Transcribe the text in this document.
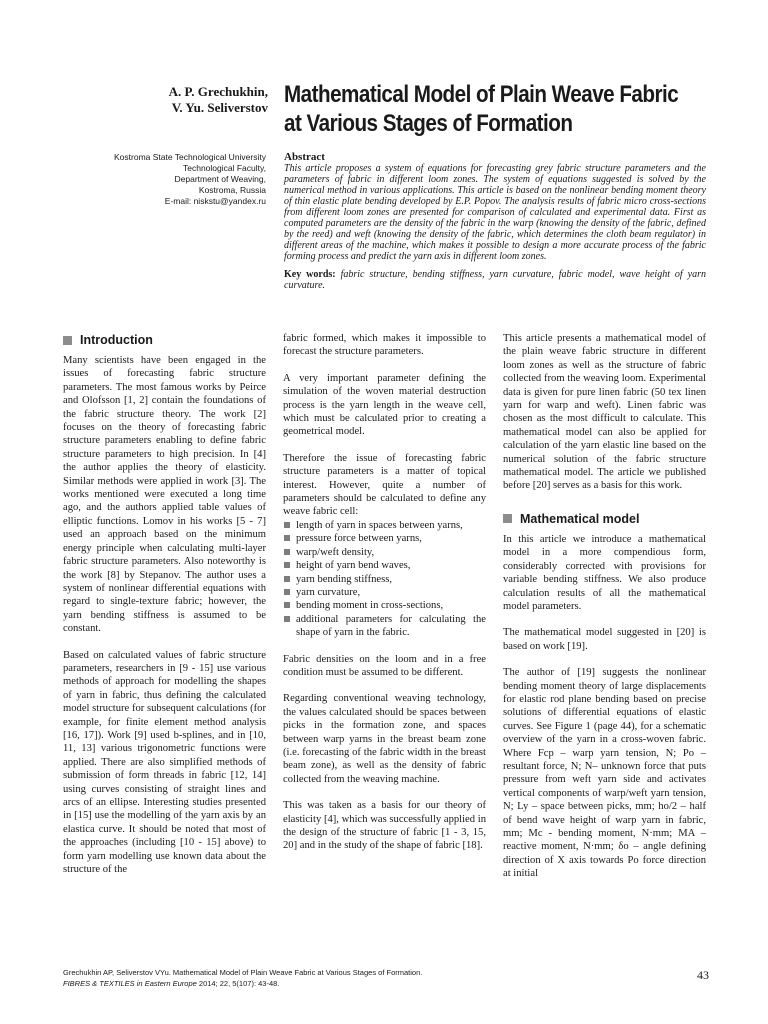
A. P. Grechukhin,
V. Yu. Seliverstov Mathematical Model of Plain Weave Fabric
at Various Stages of Formation
Kostroma State Technological University
Technological Faculty,
Department of Weaving,
Kostroma, Russia
E-mail: niskstu@yandex.ru
Abstract

This article proposes a system of equations for forecasting grey fabric structure parameters and the parameters of fabric in different loom zones. The system of equations suggested is solved by the numerical method in various applications. This article is based on the nonlinear bending moment theory of thin elastic plate bending developed by E.P. Popov. The analysis results of fabric micro cross-sections from different loom zones are presented for comparison of calculated and experimental data. First as computed parameters are the density of the fabric in the warp (knowing the density of the fabric, defined by the reed) and weft (knowing the density of the fabric, which determines the cloth beam regulator) in different areas of the machine, which makes it possible to design a more accurate process of the fabric forming process and predict the yarn axis in different loom zones.

Key words: fabric structure, bending stiffness, yarn curvature, fabric model, wave height of yarn curvature.
Introduction

Many scientists have been engaged in the issues of forecasting fabric structure parameters. The most famous works by Peirce and Olofsson [1, 2] contain the foundations of the fabric structure theory. The work [2] focuses on the theory of forecasting fabric structure parameters enabling to define fabric structure parameters to high precision. In [4] the author applies the theory of elasticity. Similar methods were applied in work [3]. The works mentioned were executed a long time ago, and the authors applied table values of elliptic functions. Lomov in his works [5 - 7] used an approach based on the minimum energy principle when calculating multi-layer fabric structure parameters. Also noteworthy is the work [8] by Stepanov. The author uses a system of nonlinear differential equations with regard to single-texture fabric; however, the yarn bending stiffness is assumed to be constant.

Based on calculated values of fabric structure parameters, researchers in [9 - 15] use various methods of approach for modelling the shapes of yarn in fabric, thus defining the calculated model structure for subsequent calculations (for example, for finite element method analysis [16, 17]). Work [9] used b-splines, and in [10, 11, 13] various trigonometric functions were applied. There are also simplified methods of submission of form threads in fabric [12, 14] using curves consisting of straight lines and arcs of an ellipse. Interesting studies presented in [15] use the modelling of the yarn axis by an elastica curve. It should be noted that most of the approaches (including [10 - 15] above) to form yarn modelling use known data about the structure of the

fabric formed, which makes it impossible to forecast the structure parameters.

A very important parameter defining the simulation of the woven material destruction process is the yarn length in the weave cell, which must be calculated prior to creating a geometrical model.

Therefore the issue of forecasting fabric structure parameters is a matter of topical interest. However, quite a number of parameters should be calculated to define any weave fabric cell:

length of yarn in spaces between yarns,
pressure force between yarns,
warp/weft density,
height of yarn bend waves,
yarn bending stiffness,
yarn curvature,
bending moment in cross-sections,
additional parameters for calculating the shape of yarn in the fabric.

Fabric densities on the loom and in a free condition must be assumed to be different.

Regarding conventional weaving technology, the values calculated should be spaces between picks in the formation zone, and spaces between warp yarns in the breast beam zone (i.e. forecasting of the fabric width in the breast beam zone), as well as the density of fabric collected from the weaving machine.

This was taken as a basis for our theory of elasticity [4], which was successfully applied in the design of the structure of fabric [1 - 3, 15, 20] and in the study of the shape of fabric [18].

This article presents a mathematical model of the plain weave fabric structure in different loom zones as well as the structure of fabric collected from the weaving loom. Experimental data is given for pure linen fabric (50 tex linen yarn for warp and weft). Linen fabric was chosen as the most difficult to calculate. This mathematical model can also be applied for calculation of the yarn elastic line based on the numerical solution of the fabric structure mathematical model. The article we published before [20] serves as a basis for this work.

Mathematical model

In this article we introduce a mathematical model in a more compendious form, considerably corrected with provisions for variable bending stiffness. We also produce calculation results of all the mathematical model parameters.

The mathematical model suggested in [20] is based on work [19].

The author of [19] suggests the nonlinear bending moment theory of large displacements for elastic rod plane bending based on precise solutions of differential equations of elastic curves. See Figure 1 (page 44), for a schematic overview of the yarn in a cross-woven fabric. Where Fcp – warp yarn tension, N; Po – resultant force, N; N– unknown force that puts pressure from weft yarn side and activates vertical components of warp/weft yarn tension, N; Ly – space between picks, mm; ho/2 – half of bend wave height of warp yarn in fabric, mm; Mc - bending moment, N·mm; MA – reactive moment, N·mm; δo – angle defining direction of X axis towards Po force direction at initial

Grechukhin AP, Seliverstov VYu. Mathematical Model of Plain Weave Fabric at Various Stages of Formation.
FIBRES & TEXTILES in Eastern Europe 2014; 22, 5(107): 43-48.
43
